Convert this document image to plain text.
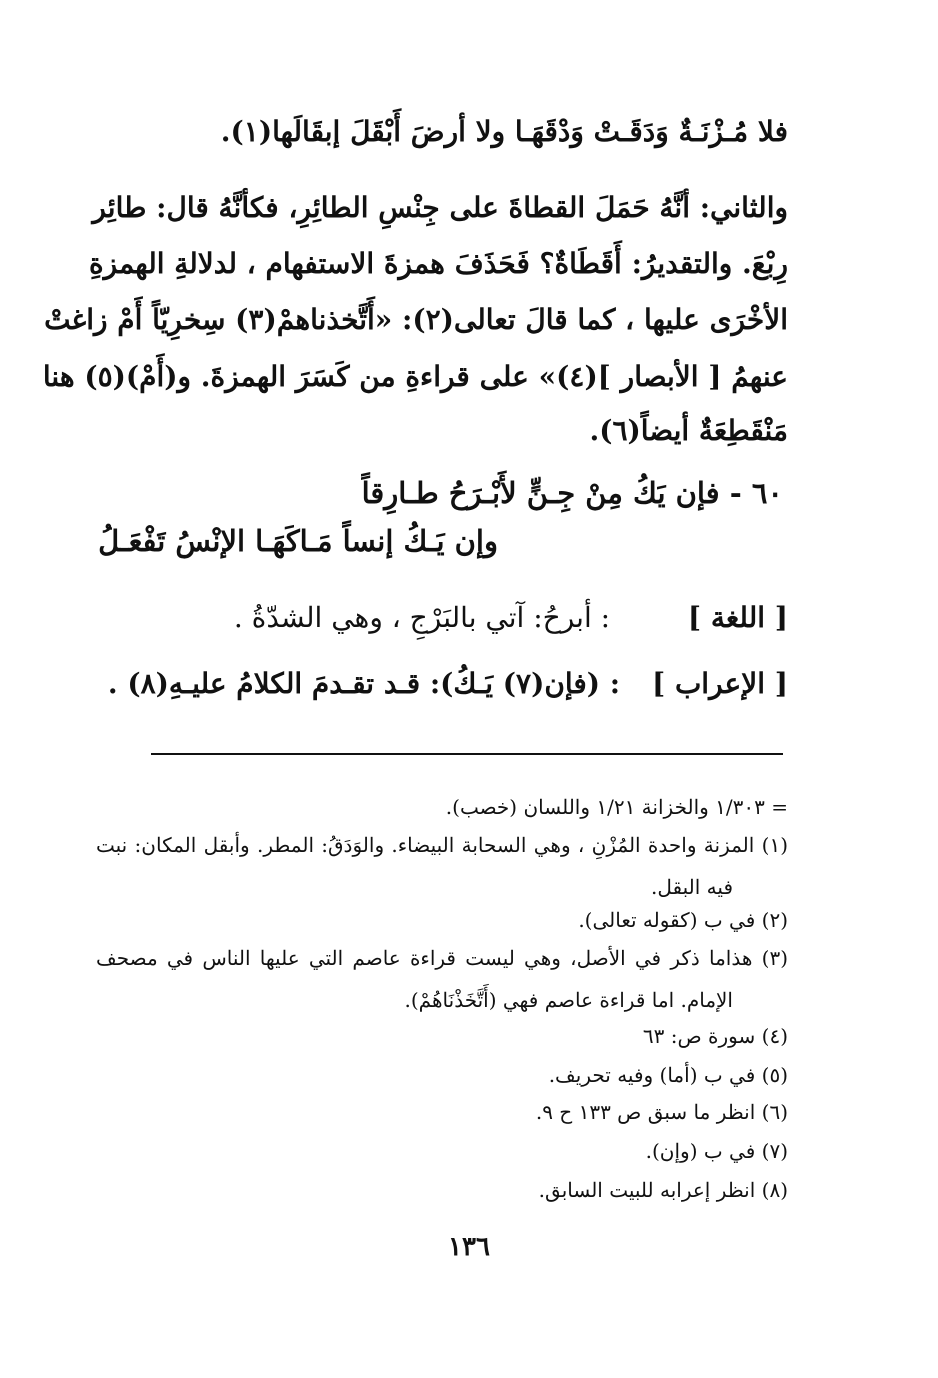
فلا مُـزْنَـةٌ وَدَقَـتْ وَدْقَهَـا ولا أرضَ أَبْقَلَ إبقَالَها(١).
والثاني: أنَّهُ حَمَلَ القطاةَ على جِنْسِ الطائِرِ، فكأنَّهُ قال: طائِر
رِبْعَ. والتقديرُ: أَقَطَاةٌ؟ فَحَذَفَ همزةَ الاستفهام ، لدلالةِ الهمزةِ
الأخْرَى عليها ، كما قالَ تعالى(٢): «أَتَّخذناهمْ(٣) سِخرِيّاً أَمْ زاغتْ
عنهمُ [ الأبصار ](٤)» على قراءةِ من كَسَرَ الهمزةَ. و(أَمْ)(٥) هنا
مَنْقَطِعَةٌ أيضاً(٦).
٦٠ - فإن يَكُ مِنْ جِـنٍّ لأَبْـرَحُ طـارِقاً
وإن يَـكُ إنساً مَـاكَهَـا الإنْسُ تَفْعَـلُ
[ اللغة ]  : أبرحُ: آتي بالبَرْجِ ، وهي الشدّةُ .
[ الإعراب ]  : (فإن(٧) يَـكُ): قـد تقـدمَ الكلامُ عليـهِ(٨) .
= ١/٣٠٣ والخزانة ١/٢١ واللسان (خصب).
(١) المزنة واحدة المُزْنِ ، وهي السحابة البيضاء. والوَدَقُ: المطر. وأبقل المكان: نبت
فيه البقل.
(٢) في ب (كقوله تعالى).
(٣) هذاما ذكر في الأصل، وهي ليست قراءة عاصم التي عليها الناس في مصحف
الإمام. اما قراءة عاصم فهي (أَتَّخَذْنَاهُمْ).
(٤) سورة ص: ٦٣
(٥) في ب (أما) وفيه تحريف.
(٦) انظر ما سبق ص ١٣٣ ح ٩.
(٧) في ب (وإن).
(٨) انظر إعرابه للبيت السابق.
١٣٦
